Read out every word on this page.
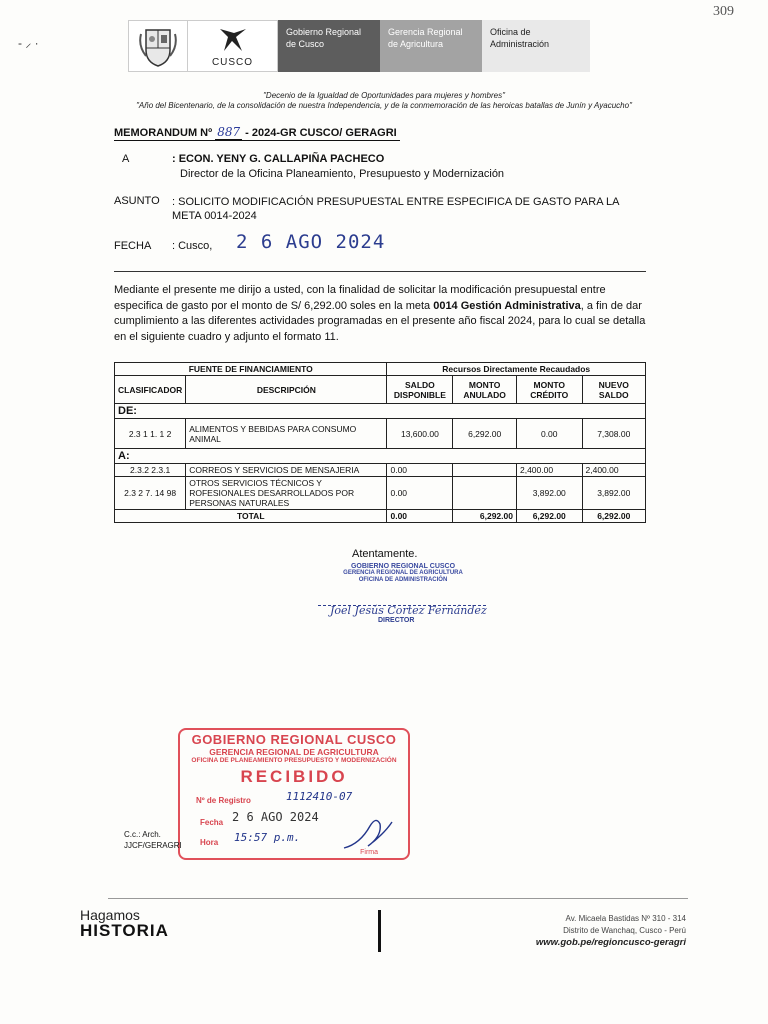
309
- ⸝ ·
CUSCO
Gobierno Regional de Cusco
Gerencia Regional de Agricultura
Oficina de Administración
"Decenio de la Igualdad de Oportunidades para mujeres y hombres"
"Año del Bicentenario, de la consolidación de nuestra Independencia, y de la conmemoración de las heroicas batallas de Junín y Ayacucho"
MEMORANDUM Nº 887 - 2024-GR CUSCO/ GERAGRI
A	: ECON. YENY G. CALLAPIÑA PACHECO
Director de la Oficina Planeamiento, Presupuesto y Modernización
ASUNTO : SOLICITO MODIFICACIÓN PRESUPUESTAL ENTRE ESPECIFICA DE GASTO PARA LA META 0014-2024
FECHA : Cusco, 2 6 AGO 2024
Mediante el presente me dirijo a usted, con la finalidad de solicitar la modificación presupuestal entre especifica de gasto por el monto de S/ 6,292.00 soles en la meta 0014 Gestión Administrativa, a fin de dar cumplimiento a las diferentes actividades programadas en el presente año fiscal 2024, para lo cual se detalla en el siguiente cuadro y adjunto el formato 11.
FUENTE DE FINANCIAMIENTO		Recursos Directamente Recaudados			
CLASIFICADOR	DESCRIPCIÓN	SALDO DISPONIBLE	MONTO ANULADO	MONTO CRÉDITO	NUEVO SALDO
DE:					
2.3 1 1. 1 2	ALIMENTOS Y BEBIDAS PARA CONSUMO ANIMAL	13,600.00	6,292.00	0.00	7,308.00
A:					
2.3.2 2.3.1	CORREOS Y SERVICIOS DE MENSAJERIA	0.00		2,400.00	2,400.00
2.3 2 7. 14 98	OTROS SERVICIOS TÉCNICOS Y ROFESIONALES DESARROLLADOS POR PERSONAS NATURALES	0.00		3,892.00	3,892.00
TOTAL		0.00	6,292.00	6,292.00	6,292.00
Atentamente.
GOBIERNO REGIONAL CUSCO
GERENCIA REGIONAL DE AGRICULTURA
OFICINA DE ADMINISTRACIÓN
Joel Jesús Cortez Fernández
DIRECTOR
GOBIERNO REGIONAL CUSCO
GERENCIA REGIONAL DE AGRICULTURA
OFICINA DE PLANEAMIENTO PRESUPUESTO Y MODERNIZACIÓN
RECIBIDO
Nº de Registro	1112410-07
Fecha 2 6 AGO 2024
Hora 15:57 p.m.
Firma
C.c.: Arch.
JJCF/GERAGRI
Hagamos
HISTORIA
Av. Micaela Bastidas Nº 310 - 314
Distrito de Wanchaq, Cusco - Perú
www.gob.pe/regioncusco-geragri
